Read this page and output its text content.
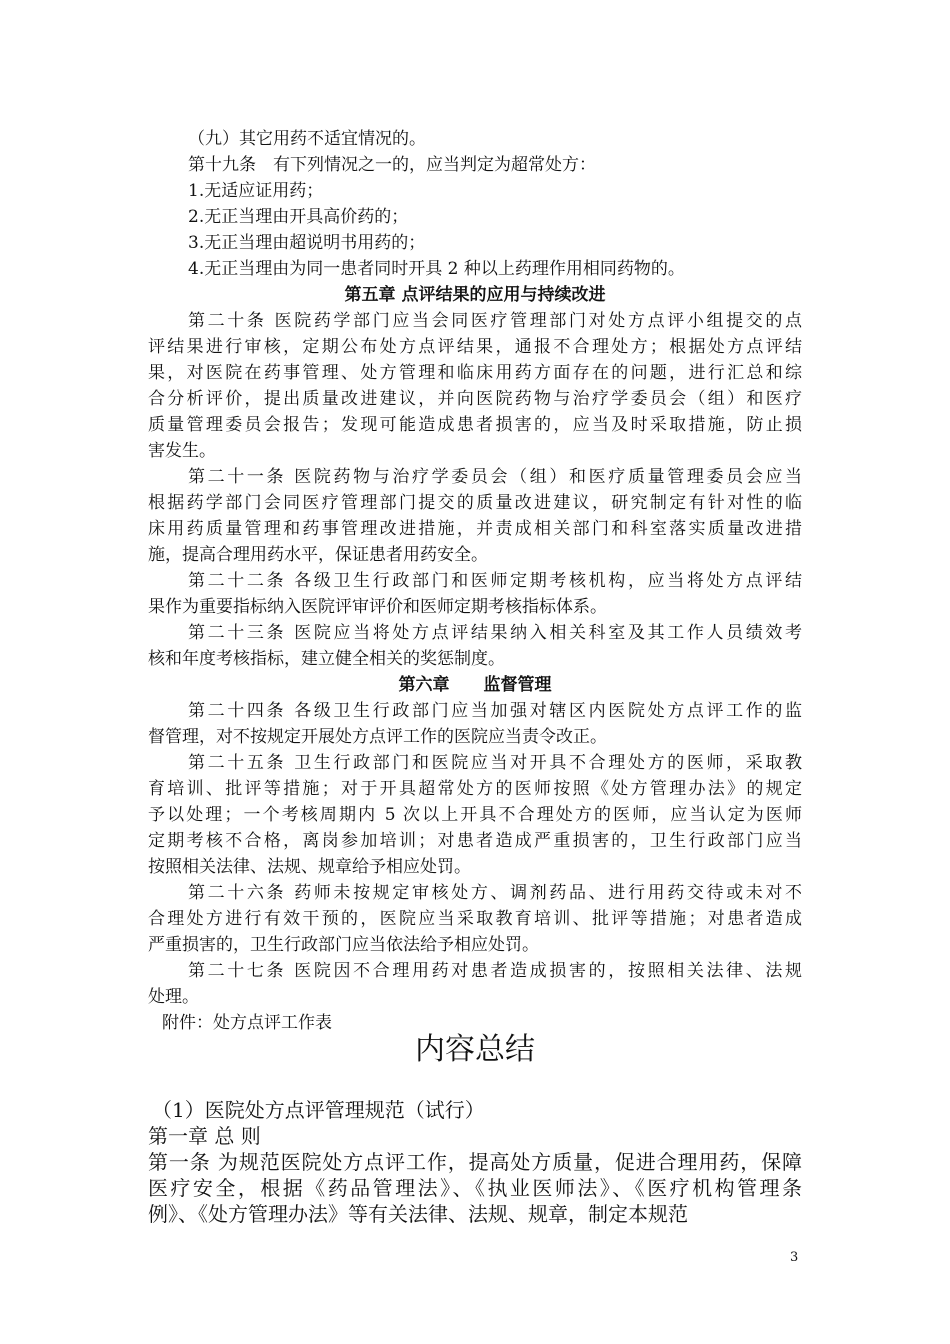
（九）其它用药不适宜情况的。
第十九条　有下列情况之一的，应当判定为超常处方：
1.无适应证用药；
2.无正当理由开具高价药的；
3.无正当理由超说明书用药的；
4.无正当理由为同一患者同时开具 2 种以上药理作用相同药物的。
第五章 点评结果的应用与持续改进
第二十条 医院药学部门应当会同医疗管理部门对处方点评小组提交的点
评结果进行审核，定期公布处方点评结果，通报不合理处方；根据处方点评结
果，对医院在药事管理、处方管理和临床用药方面存在的问题，进行汇总和综
合分析评价，提出质量改进建议，并向医院药物与治疗学委员会（组）和医疗
质量管理委员会报告；发现可能造成患者损害的，应当及时采取措施，防止损
害发生。
第二十一条 医院药物与治疗学委员会（组）和医疗质量管理委员会应当
根据药学部门会同医疗管理部门提交的质量改进建议，研究制定有针对性的临
床用药质量管理和药事管理改进措施，并责成相关部门和科室落实质量改进措
施，提高合理用药水平，保证患者用药安全。
第二十二条 各级卫生行政部门和医师定期考核机构，应当将处方点评结
果作为重要指标纳入医院评审评价和医师定期考核指标体系。
第二十三条 医院应当将处方点评结果纳入相关科室及其工作人员绩效考
核和年度考核指标，建立健全相关的奖惩制度。
第六章　　监督管理
第二十四条 各级卫生行政部门应当加强对辖区内医院处方点评工作的监
督管理，对不按规定开展处方点评工作的医院应当责令改正。
第二十五条 卫生行政部门和医院应当对开具不合理处方的医师，采取教
育培训、批评等措施；对于开具超常处方的医师按照《处方管理办法》的规定
予以处理；一个考核周期内 5 次以上开具不合理处方的医师，应当认定为医师
定期考核不合格，离岗参加培训；对患者造成严重损害的，卫生行政部门应当
按照相关法律、法规、规章给予相应处罚。
第二十六条 药师未按规定审核处方、调剂药品、进行用药交待或未对不
合理处方进行有效干预的，医院应当采取教育培训、批评等措施；对患者造成
严重损害的，卫生行政部门应当依法给予相应处罚。
第二十七条 医院因不合理用药对患者造成损害的，按照相关法律、法规
处理。
附件：处方点评工作表
内容总结
（1）医院处方点评管理规范（试行）
第一章 总 则
第一条 为规范医院处方点评工作，提高处方质量，促进合理用药，保障
医疗安全，根据《药品管理法》、《执业医师法》、《医疗机构管理条
例》、《处方管理办法》等有关法律、法规、规章，制定本规范
3
